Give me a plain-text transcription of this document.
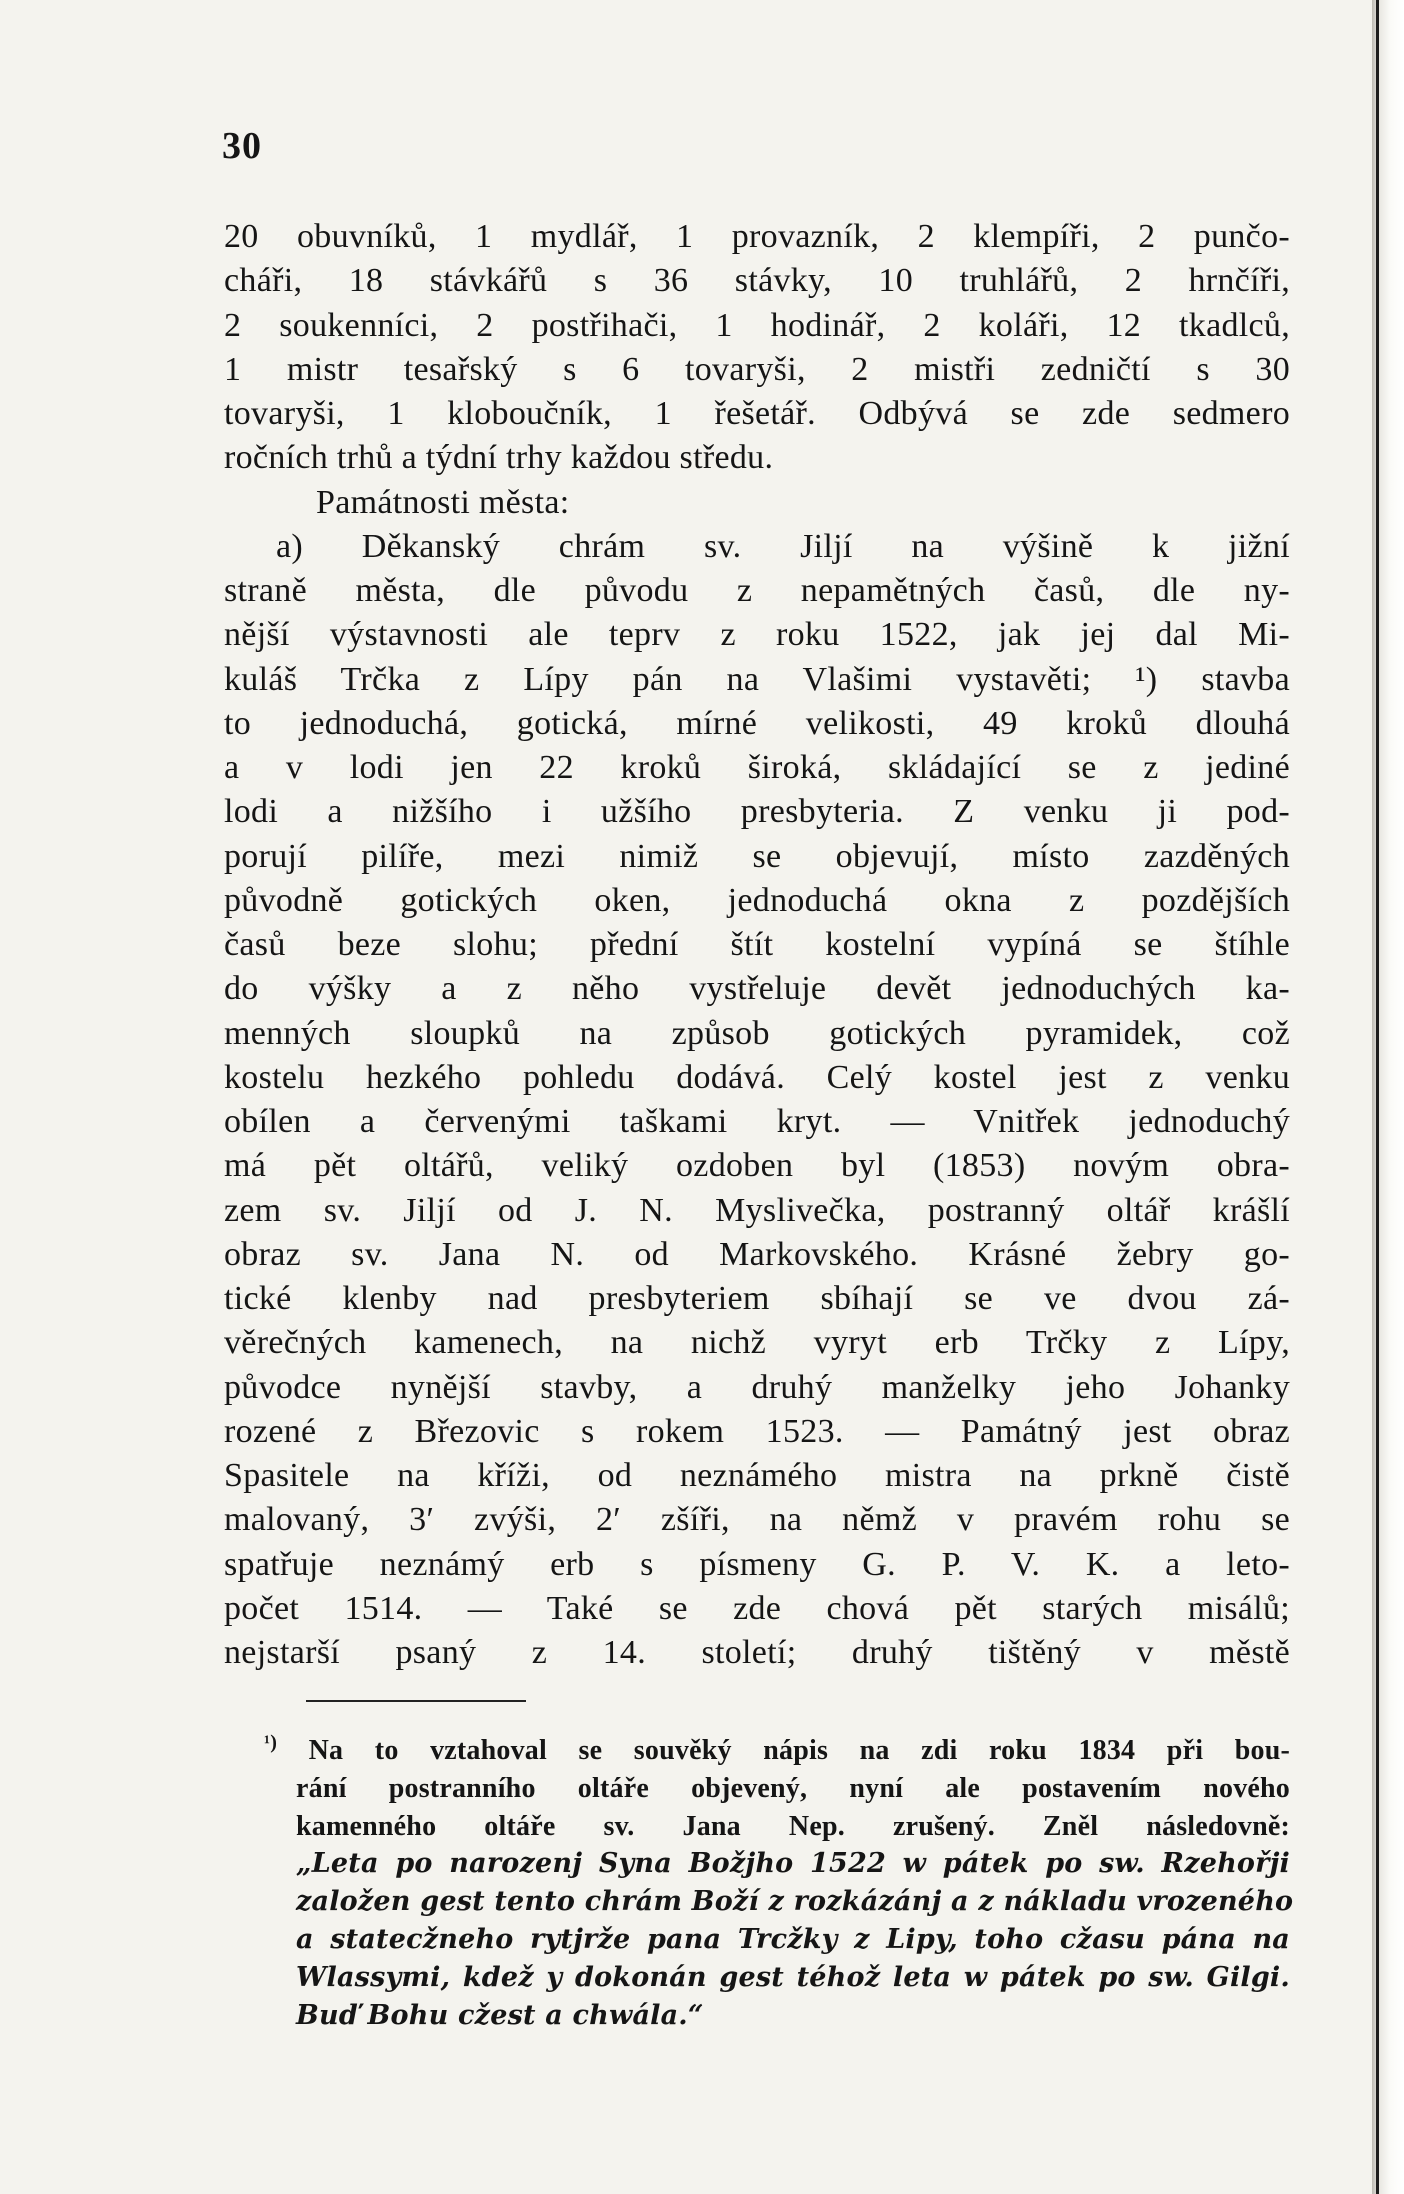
30
20 obuvníků, 1 mydlář, 1 provazník, 2 klempíři, 2 punčo-
cháři, 18 stávkářů s 36 stávky, 10 truhlářů, 2 hrnčíři,
2 soukenníci, 2 postřihači, 1 hodinář, 2 koláři, 12 tkadlců,
1 mistr tesařský s 6 tovaryši, 2 mistři zedničtí s 30
tovaryši, 1 kloboučník, 1 řešetář. Odbývá se zde sedmero
ročních trhů a týdní trhy každou středu.
Památnosti města:
a) Děkanský chrám sv. Jiljí na výšině k jižní
straně města, dle původu z nepamětných časů, dle ny-
nější výstavnosti ale teprv z roku 1522, jak jej dal Mi-
kuláš Trčka z Lípy pán na Vlašimi vystavěti; ¹) stavba
to jednoduchá, gotická, mírné velikosti, 49 kroků dlouhá
a v lodi jen 22 kroků široká, skládající se z jediné
lodi a nižšího i užšího presbyteria. Z venku ji pod-
porují pilíře, mezi nimiž se objevují, místo zazděných
původně gotických oken, jednoduchá okna z pozdějších
časů beze slohu; přední štít kostelní vypíná se štíhle
do výšky a z něho vystřeluje devět jednoduchých ka-
menných sloupků na způsob gotických pyramidek, což
kostelu hezkého pohledu dodává. Celý kostel jest z venku
obílen a červenými taškami kryt. — Vnitřek jednoduchý
má pět oltářů, veliký ozdoben byl (1853) novým obra-
zem sv. Jiljí od J. N. Myslivečka, postranný oltář krášlí
obraz sv. Jana N. od Markovského. Krásné žebry go-
tické klenby nad presbyteriem sbíhají se ve dvou zá-
věrečných kamenech, na nichž vyryt erb Trčky z Lípy,
původce nynější stavby, a druhý manželky jeho Johanky
rozené z Březovic s rokem 1523. — Památný jest obraz
Spasitele na kříži, od neznámého mistra na prkně čistě
malovaný, 3′ zvýši, 2′ zšíři, na němž v pravém rohu se
spatřuje neznámý erb s písmeny G. P. V. K. a leto-
počet 1514. — Také se zde chová pět starých misálů;
nejstarší psaný z 14. století; druhý tištěný v městě
$^{^1)}$ Na to vztahoval se souvěký nápis na zdi roku 1834 při bou-
rání postranního oltáře objevený, nyní ale postavením nového
kamenného oltáře sv. Jana Nep. zrušený. Zněl následovně:
„Leta po narozenj Syna Božjho 1522 w pátek po sw. Rzehořji
založen gest tento chrám Boží z rozkázánj a z nákladu vrozeného
a statecžneho rytjrže pana Trcžky z Lipy, toho cžasu pána na
Wlassymi, kdež y dokonán gest téhož leta w pátek po sw. Gilgi.
Buď Bohu cžest a chwála.“
